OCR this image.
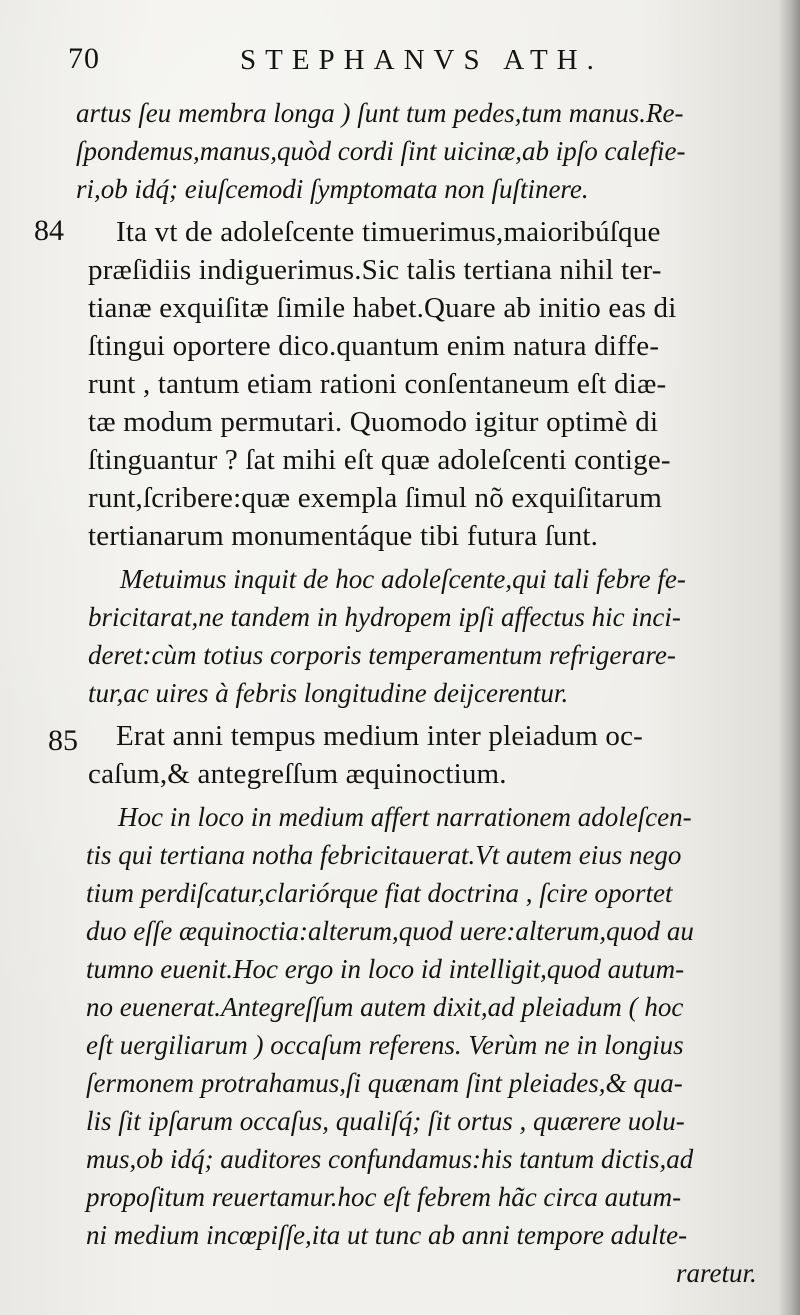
70	STEPHANVS ATH.
artus ſeu membra longa ) ſunt tum pedes,tum manus.Re-
ſpondemus,manus,quòd cordi ſint uicinæ,ab ipſo calefie-
ri,ob idq́; eiuſcemodi ſymptomata non ſuſtinere.
84 Ita vt de adoleſcente timuerimus,maioribúſque
præſidiis indiguerimus.Sic talis tertiana nihil ter-
tianæ exquiſitæ ſimile habet.Quare ab initio eas di
ſtingui oportere dico.quantum enim natura diffe-
runt , tantum etiam rationi conſentaneum eſt diæ-
tæ modum permutari. Quomodo igitur optimè di
ſtinguantur ? ſat mihi eſt quæ adoleſcenti contige-
runt,ſcribere:quæ exempla ſimul nõ exquiſitarum
tertianarum monumentáque tibi futura ſunt.
Metuimus inquit de hoc adoleſcente,qui tali febre fe-
bricitarat,ne tandem in hydropem ipſi affectus hic inci-
deret:cùm totius corporis temperamentum refrigerare-
tur,ac uires à febris longitudine deijcerentur.
85 Erat anni tempus medium inter pleiadum oc-
caſum,& antegreſſum æquinoctium.
Hoc in loco in medium affert narrationem adoleſcen-
tis qui tertiana notha febricitauerat.Vt autem eius nego
tium perdiſcatur,clariórque fiat doctrina , ſcire oportet
duo eſſe æquinoctia:alterum,quod uere:alterum,quod au
tumno euenit.Hoc ergo in loco id intelligit,quod autum-
no euenerat.Antegreſſum autem dixit,ad pleiadum ( hoc
eſt uergiliarum ) occaſum referens. Verùm ne in longius
ſermonem protrahamus,ſi quænam ſint pleiades,& qua-
lis ſit ipſarum occaſus, qualiſq́; ſit ortus , quærere uolu-
mus,ob idq́; auditores confundamus:his tantum dictis,ad
propoſitum reuertamur.hoc eſt febrem hãc circa autum-
ni medium incœpiſſe,ita ut tunc ab anni tempore adulte-
raretur.
